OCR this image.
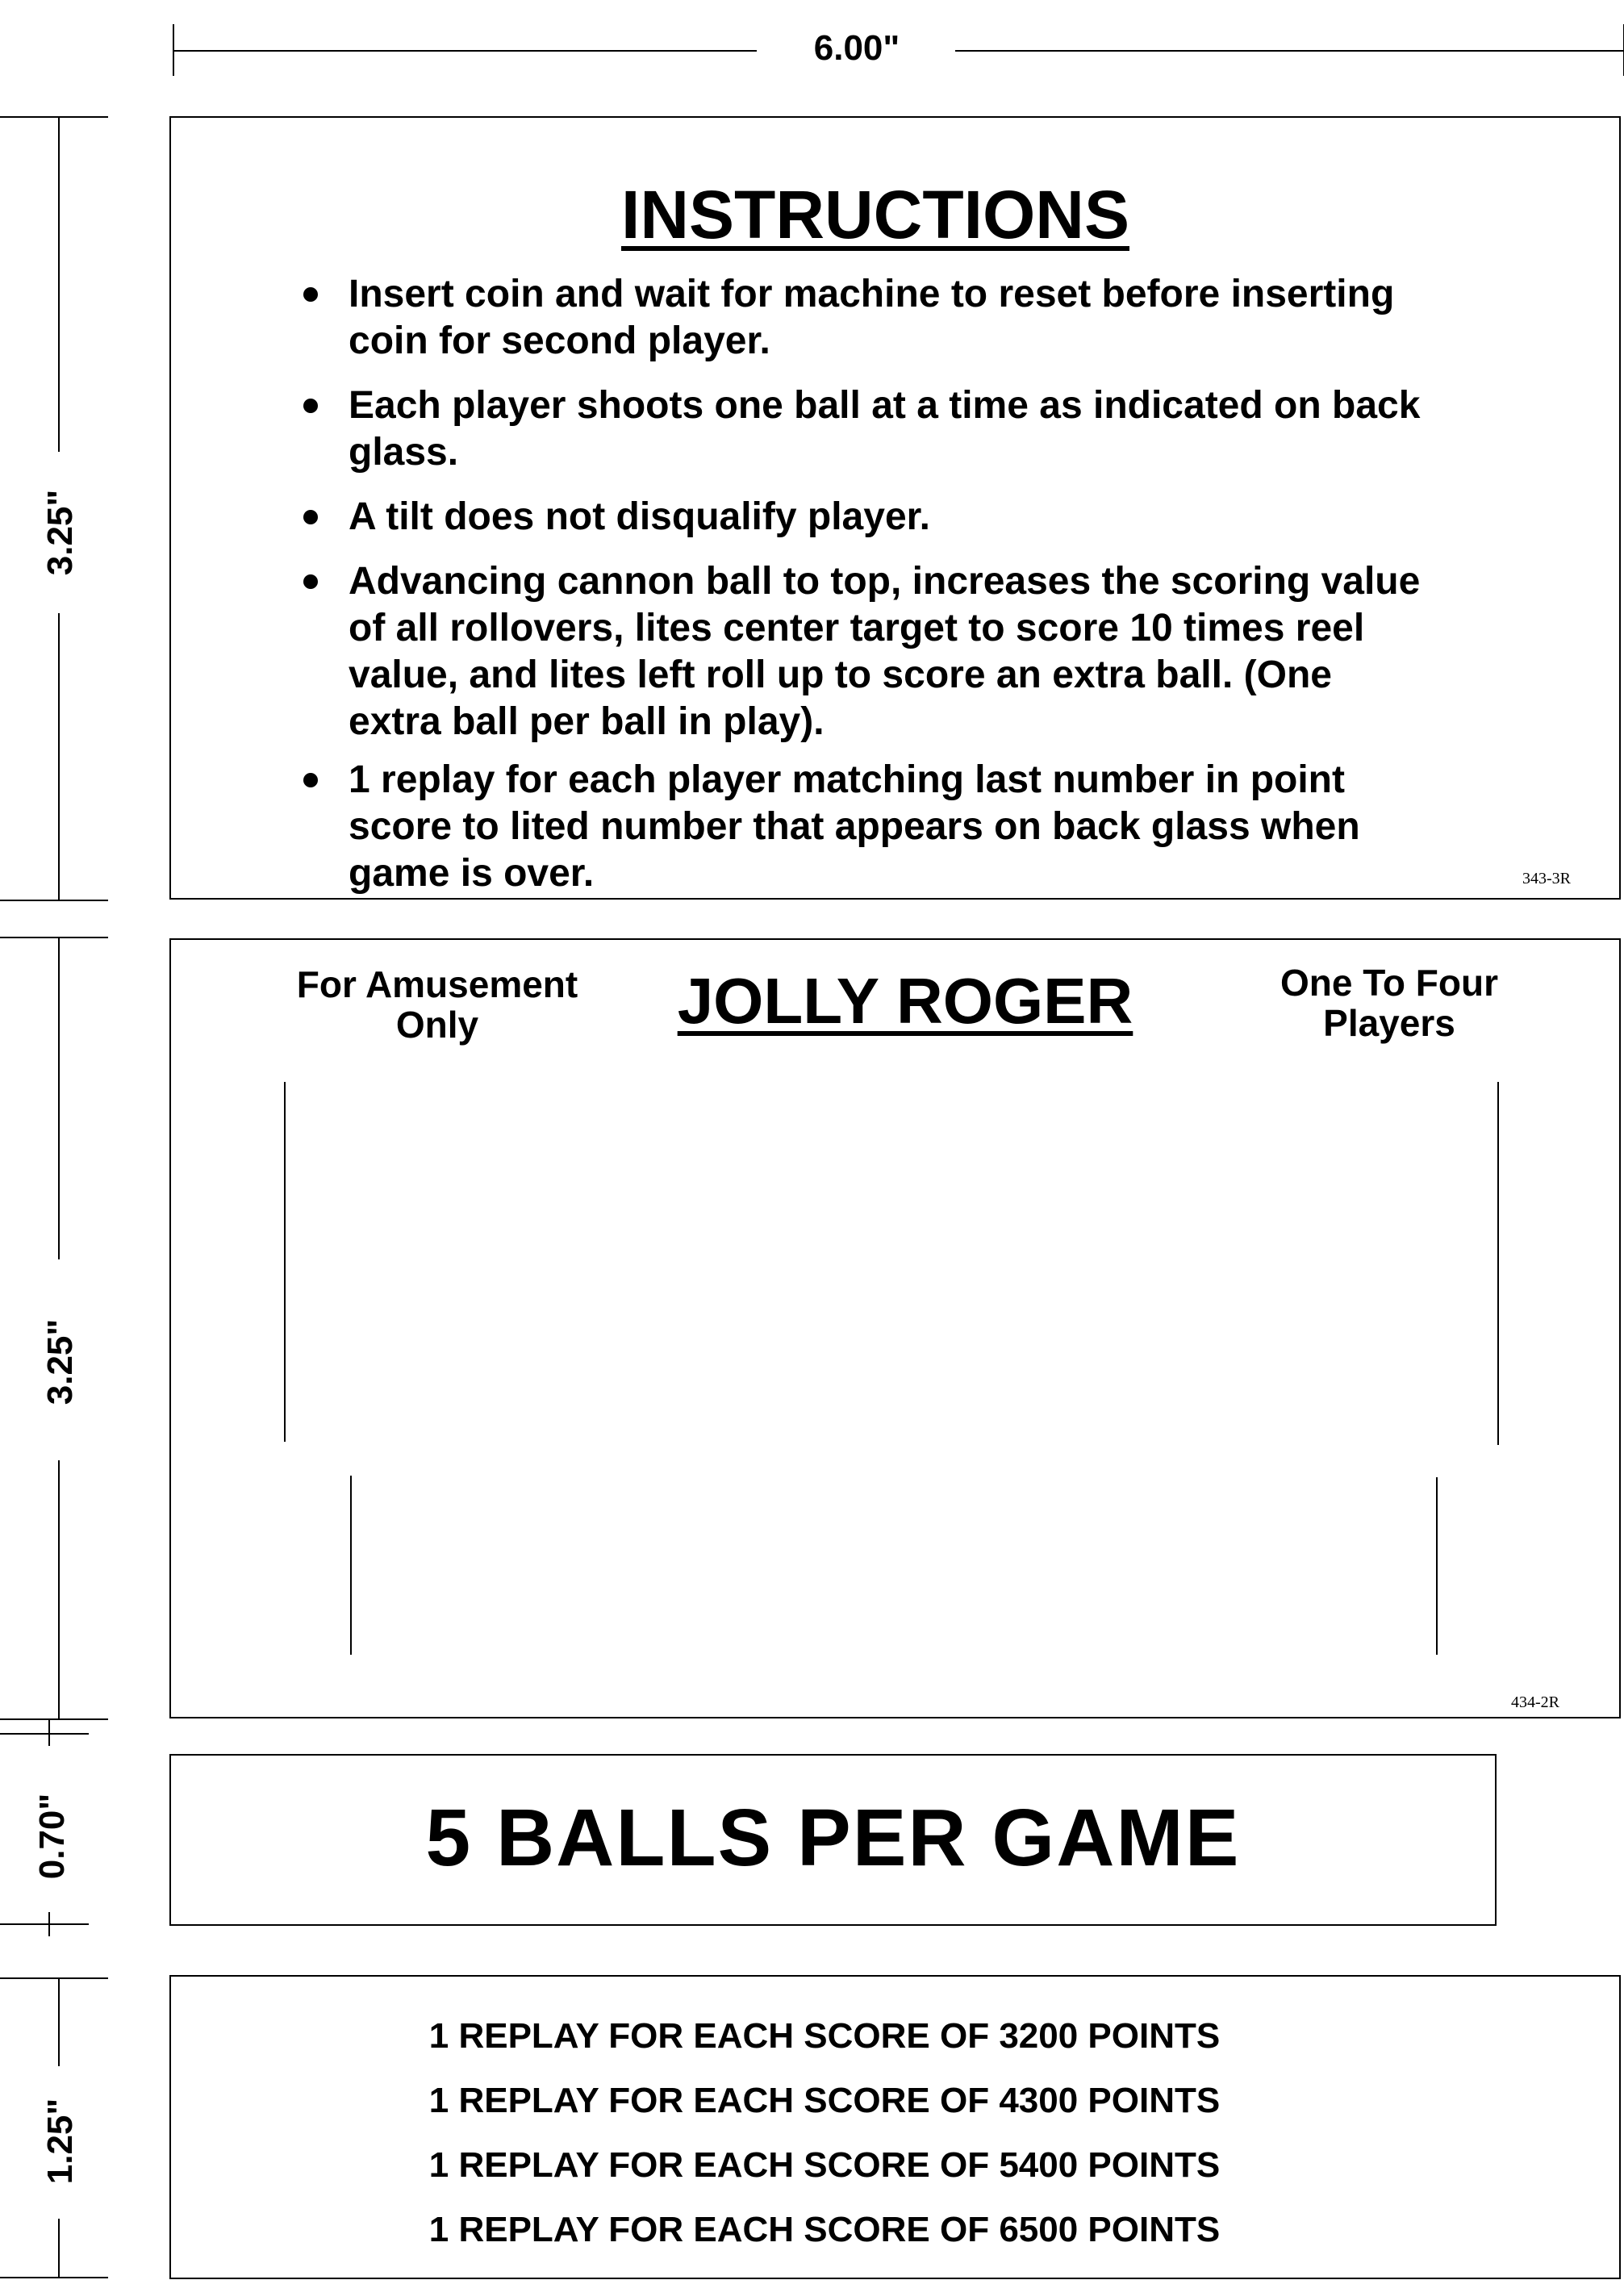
6.00"
3.25"
3.25"
0.70"
1.25"
INSTRUCTIONS
Insert coin and wait for machine to reset before inserting
coin for second player.
Each player shoots one ball at a time as indicated on back
glass.
A tilt does not disqualify player.
Advancing cannon ball to top, increases the scoring value
of all rollovers, lites center target to score 10 times reel
value, and lites left roll up to score an extra ball. (One
extra ball per ball in play).
1 replay for each player matching last number in point
score to lited number that appears on back glass when
game is over.	343-3R
For Amusement
Only	JOLLY ROGER	One To Four
Players
434-2R
5 BALLS PER GAME
1 REPLAY FOR EACH SCORE OF 3200 POINTS
1 REPLAY FOR EACH SCORE OF 4300 POINTS
1 REPLAY FOR EACH SCORE OF 5400 POINTS
1 REPLAY FOR EACH SCORE OF 6500 POINTS
